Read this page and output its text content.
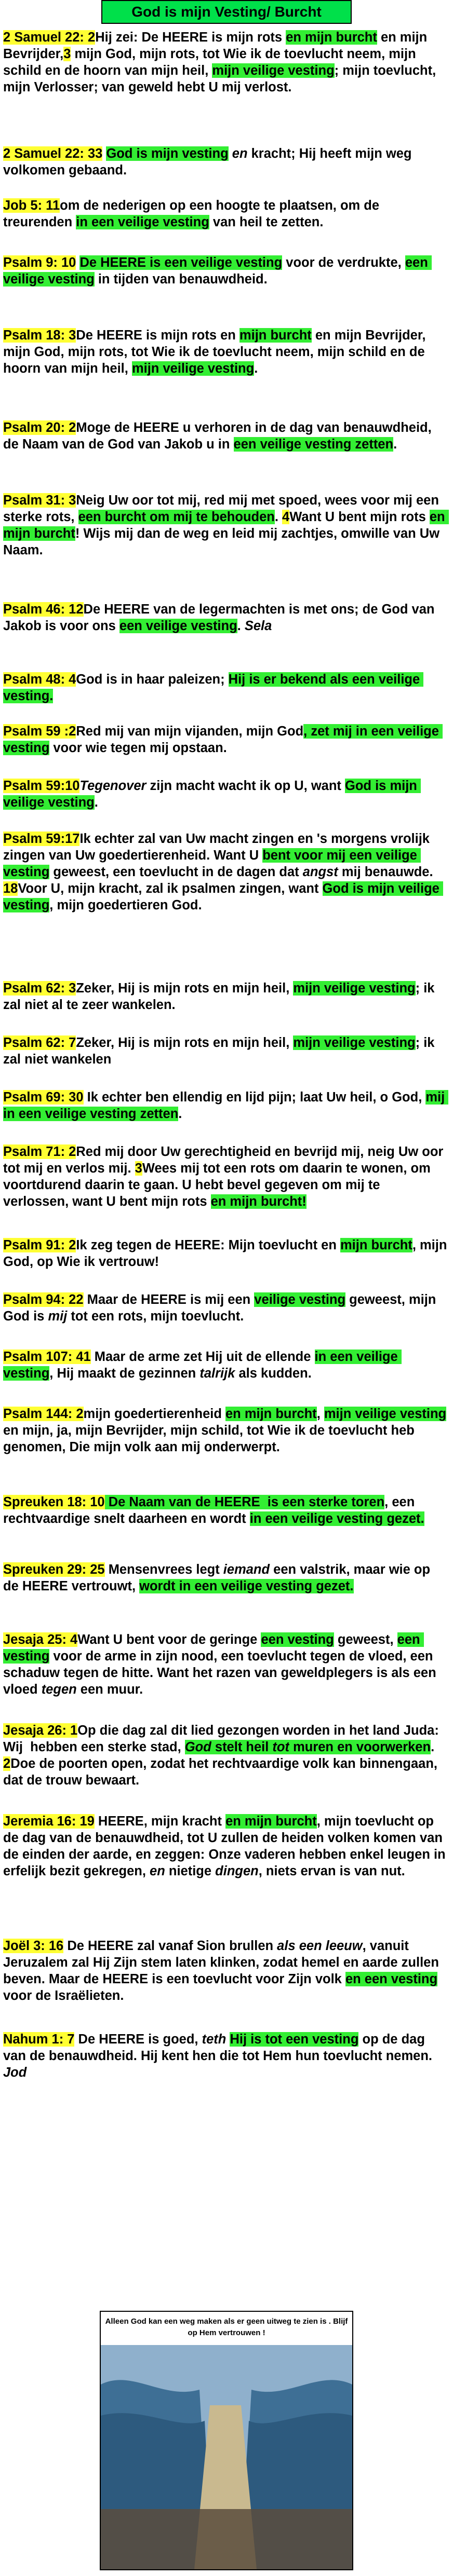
God is mijn Vesting/ Burcht
2 Samuel 22: 2Hij zei: De HEERE is mijn rots en mijn burcht en mijn Bevrijder,3 mijn God, mijn rots, tot Wie ik de toevlucht neem, mijn schild en de hoorn van mijn heil, mijn veilige vesting; mijn toevlucht, mijn Verlosser; van geweld hebt U mij verlost.
2 Samuel 22: 33 God is mijn vesting en kracht; Hij heeft mijn weg volkomen gebaand.
Job 5: 11om de nederigen op een hoogte te plaatsen, om de treurenden in een veilige vesting van heil te zetten.
Psalm 9: 10 De HEERE is een veilige vesting voor de verdrukte, een veilige vesting in tijden van benauwdheid.
Psalm 18: 3De HEERE is mijn rots en mijn burcht en mijn Bevrijder, mijn God, mijn rots, tot Wie ik de toevlucht neem, mijn schild en de hoorn van mijn heil, mijn veilige vesting.
Psalm 20: 2Moge de HEERE u verhoren in de dag van benauwdheid, de Naam van de God van Jakob u in een veilige vesting zetten.
Psalm 31: 3Neig Uw oor tot mij, red mij met spoed, wees voor mij een sterke rots, een burcht om mij te behouden. 4Want U bent mijn rots en mijn burcht! Wijs mij dan de weg en leid mij zachtjes, omwille van Uw Naam.
Psalm 46: 12De HEERE van de legermachten is met ons; de God van Jakob is voor ons een veilige vesting. Sela
Psalm 48: 4God is in haar paleizen; Hij is er bekend als een veilige vesting.
Psalm 59 :2Red mij van mijn vijanden, mijn God, zet mij in een veilige vesting voor wie tegen mij opstaan.
Psalm 59:10Tegenover zijn macht wacht ik op U, want God is mijn veilige vesting.
Psalm 59:17Ik echter zal van Uw macht zingen en 's morgens vrolijk zingen van Uw goedertierenheid. Want U bent voor mij een veilige vesting geweest, een toevlucht in de dagen dat angst mij benauwde. 18Voor U, mijn kracht, zal ik psalmen zingen, want God is mijn veilige vesting, mijn goedertieren God.
Psalm 62: 3Zeker, Hij is mijn rots en mijn heil, mijn veilige vesting; ik zal niet al te zeer wankelen.
Psalm 62: 7Zeker, Hij is mijn rots en mijn heil, mijn veilige vesting; ik zal niet wankelen
Psalm 69: 30 Ik echter ben ellendig en lijd pijn; laat Uw heil, o God, mij in een veilige vesting zetten.
Psalm 71: 2Red mij door Uw gerechtigheid en bevrijd mij, neig Uw oor tot mij en verlos mij. 3Wees mij tot een rots om daarin te wonen, om voortdurend daarin te gaan. U hebt bevel gegeven om mij te verlossen, want U bent mijn rots en mijn burcht!
Psalm 91: 2Ik zeg tegen de HEERE: Mijn toevlucht en mijn burcht, mijn God, op Wie ik vertrouw!
Psalm 94: 22 Maar de HEERE is mij een veilige vesting geweest, mijn God is mij tot een rots, mijn toevlucht.
Psalm 107: 41 Maar de arme zet Hij uit de ellende in een veilige vesting, Hij maakt de gezinnen talrijk als kudden.
Psalm 144: 2mijn goedertierenheid en mijn burcht, mijn veilige vesting en mijn, ja, mijn Bevrijder, mijn schild, tot Wie ik de toevlucht heb genomen, Die mijn volk aan mij onderwerpt.
Spreuken 18: 10 De Naam van de HEERE  is een sterke toren, een rechtvaardige snelt daarheen en wordt in een veilige vesting gezet.
Spreuken 29: 25 Mensenvrees legt iemand een valstrik, maar wie op de HEERE vertrouwt, wordt in een veilige vesting gezet.
Jesaja 25: 4Want U bent voor de geringe een vesting geweest, een vesting voor de arme in zijn nood, een toevlucht tegen de vloed, een schaduw tegen de hitte. Want het razen van geweldplegers is als een vloed tegen een muur.
Jesaja 26: 1Op die dag zal dit lied gezongen worden in het land Juda: Wij  hebben een sterke stad, God stelt heil tot muren en voorwerken. 2Doe de poorten open, zodat het rechtvaardige volk kan binnengaan, dat de trouw bewaart.
Jeremia 16: 19 HEERE, mijn kracht en mijn burcht, mijn toevlucht op de dag van de benauwdheid, tot U zullen de heiden volken komen van de einden der aarde, en zeggen: Onze vaderen hebben enkel leugen in erfelijk bezit gekregen, en nietige dingen, niets ervan is van nut.
Joël 3: 16 De HEERE zal vanaf Sion brullen als een leeuw, vanuit Jeruzalem zal Hij Zijn stem laten klinken, zodat hemel en aarde zullen beven. Maar de HEERE is een toevlucht voor Zijn volk en een vesting voor de Israëlieten.
Nahum 1: 7 De HEERE is goed, teth Hij is tot een vesting op de dag van de benauwdheid. Hij kent hen die tot Hem hun toevlucht nemen. Jod
Alleen God kan een weg maken als er geen uitweg te zien is . Blijf op Hem vertrouwen !
